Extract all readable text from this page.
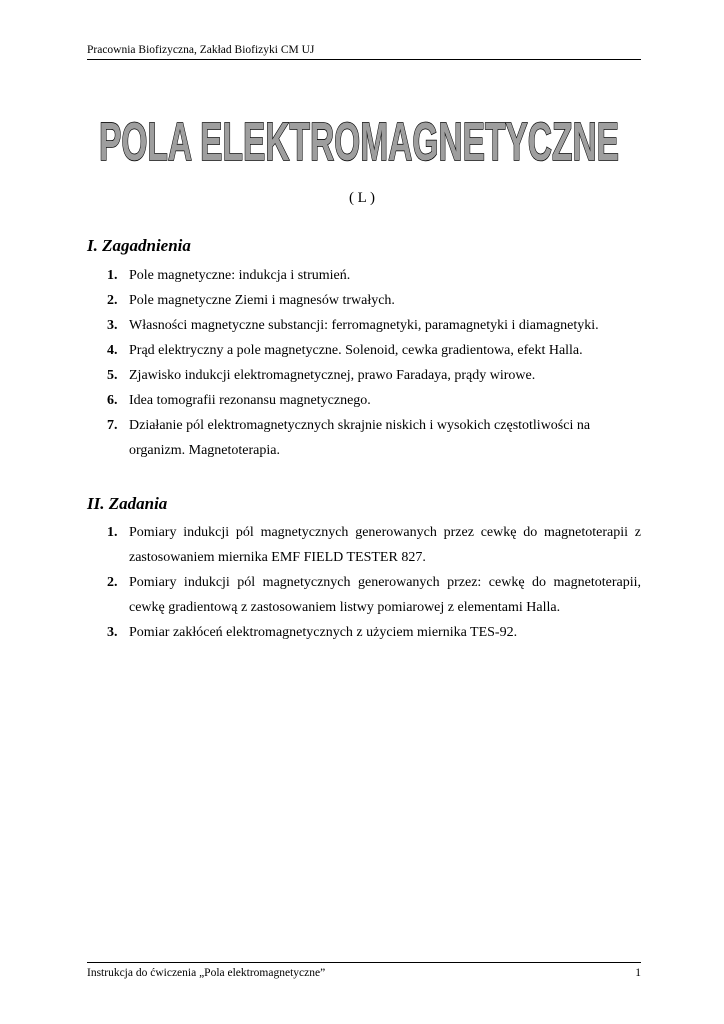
Pracownia Biofizyczna, Zakład Biofizyki CM UJ
POLA ELEKTROMAGNETYCZNE
( L )
I. Zagadnienia
1. Pole magnetyczne: indukcja i strumień.
2. Pole magnetyczne Ziemi i magnesów trwałych.
3. Własności magnetyczne substancji: ferromagnetyki, paramagnetyki i diamagnetyki.
4. Prąd elektryczny a pole magnetyczne. Solenoid, cewka gradientowa, efekt Halla.
5. Zjawisko indukcji elektromagnetycznej, prawo Faradaya, prądy wirowe.
6. Idea tomografii rezonansu magnetycznego.
7. Działanie pól elektromagnetycznych skrajnie niskich i wysokich częstotliwości na organizm. Magnetoterapia.
II. Zadania
1. Pomiary indukcji pól magnetycznych generowanych przez cewkę do magnetoterapii z zastosowaniem miernika EMF FIELD TESTER 827.
2. Pomiary indukcji pól magnetycznych generowanych przez: cewkę do magnetoterapii, cewkę gradientową z zastosowaniem listwy pomiarowej z elementami Halla.
3. Pomiar zakłóceń elektromagnetycznych z użyciem miernika TES-92.
Instrukcja do ćwiczenia „Pola elektromagnetyczne”	1
